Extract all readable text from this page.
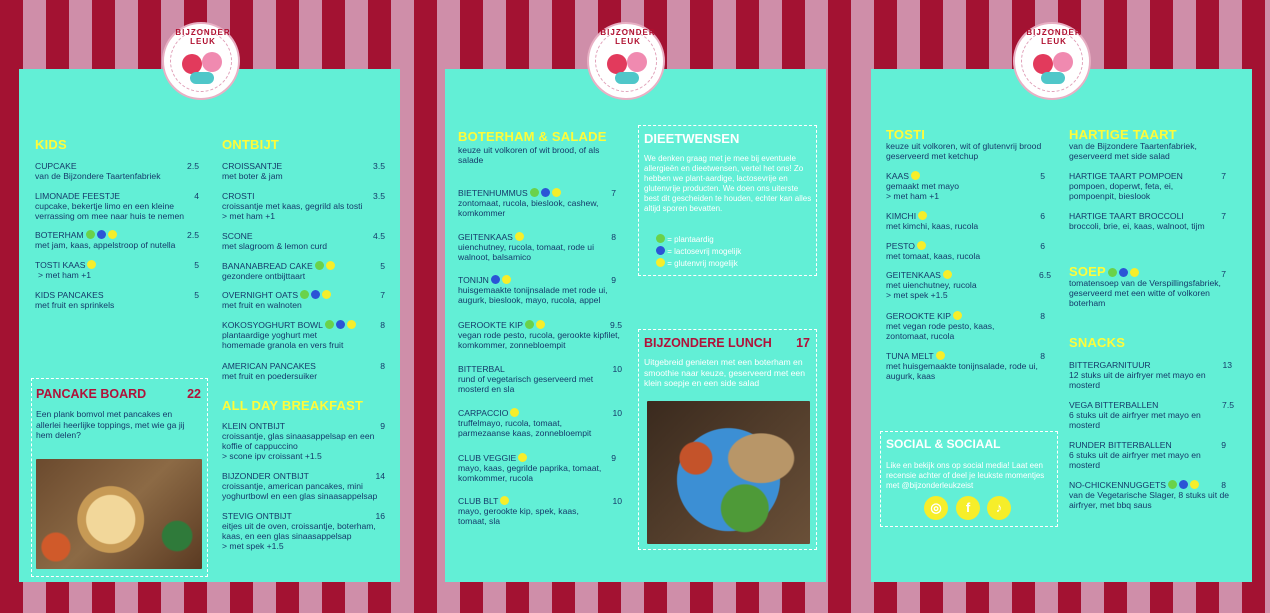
BIJZONDER LEUK
KIDS
CUPCAKE
van de Bijzondere Taartenfabriek
2.5
LIMONADE FEESTJE
cupcake, bekertje limo en een kleine verrassing om mee naar huis te nemen
4
BOTERHAM
met jam, kaas, appelstroop of nutella
2.5
TOSTI KAAS
> met ham +1
5
KIDS PANCAKES
met fruit en sprinkels
5
PANCAKE BOARD	22
Een plank bomvol met pancakes en allerlei heerlijke toppings, met wie ga jij hem delen?
ONTBIJT
CROISSANTJE
met boter & jam
3.5
CROSTI
croissantje met kaas, gegrild als tosti
> met ham +1
3.5
SCONE
met slagroom & lemon curd
4.5
BANANABREAD CAKE
gezondere ontbijttaart
5
OVERNIGHT OATS
met fruit en walnoten
7
KOKOSYOGHURT BOWL
plantaardige yoghurt met homemade granola en vers fruit
8
AMERICAN PANCAKES
met fruit en poedersuiker
8
ALL DAY BREAKFAST
KLEIN ONTBIJT
croissantje, glas sinaasappelsap en een koffie of cappuccino
> scone ipv croissant +1.5
9
BIJZONDER ONTBIJT
croissantje, american pancakes, mini yoghurtbowl en een glas sinaasappelsap
14
STEVIG ONTBIJT
eitjes uit de oven, croissantje, boterham, kaas, en een glas sinaasappelsap
> met spek +1.5
16
BIJZONDER LEUK
BOTERHAM & SALADE
keuze uit volkoren of wit brood, of als salade
BIETENHUMMUS
zontomaat, rucola, bieslook, cashew, komkommer
7
GEITENKAAS
uienchutney, rucola, tomaat, rode ui walnoot, balsamico
8
TONIJN
huisgemaakte tonijnsalade met rode ui, augurk, bieslook, mayo, rucola, appel
9
GEROOKTE KIP
vegan rode pesto, rucola, gerookte kipfilet, komkommer, zonnebloempit
9.5
BITTERBAL
rund of vegetarisch geserveerd met mosterd en sla
10
CARPACCIO
truffelmayo, rucola, tomaat, parmezaanse kaas, zonnebloempit
10
CLUB VEGGIE
mayo, kaas, gegrilde paprika, tomaat, komkommer, rucola
9
CLUB BLT
mayo, gerookte kip, spek, kaas, tomaat, sla
10
DIEETWENSEN
We denken graag met je mee bij eventuele allergieën en dieetwensen, vertel het ons! Zo hebben we plant-aardige, lactosevrije en glutenvrije producten. We doen ons uiterste best dit gescheiden te houden, echter kan alles altijd sporen bevatten.
= plantaardig
= lactosevrij mogelijk
= glutenvrij mogelijk
BIJZONDERE LUNCH 17
Uitgebreid genieten met een boterham en smoothie naar keuze, geserveerd met een klein soepje en een side salad
BIJZONDER LEUK
TOSTI
keuze uit volkoren, wit of glutenvrij brood geserveerd met ketchup
KAAS
gemaakt met mayo
> met ham +1
5
KIMCHI
met kimchi, kaas, rucola
6
PESTO
met tomaat, kaas, rucola
6
GEITENKAAS
met uienchutney, rucola
> met spek +1.5
6.5
GEROOKTE KIP
met vegan rode pesto, kaas, zontomaat, rucola
8
TUNA MELT
met huisgemaakte tonijnsalade, rode ui, augurk, kaas
8
SOCIAL & SOCIAAL
Like en bekijk ons op social media! Laat een recensie achter of deel je leukste momentjes met @bijzonderleukzeist
◎	f	♪
HARTIGE TAART
van de Bijzondere Taartenfabriek, geserveerd met side salad
HARTIGE TAART POMPOEN
pompoen, doperwt, feta, ei, pompoenpit, bieslook
7
HARTIGE TAART BROCCOLI
broccoli, brie, ei, kaas, walnoot, tijm
7
SOEP
tomatensoep van de Verspillingsfabriek, geserveerd met een witte of volkoren boterham
7
SNACKS
BITTERGARNITUUR
12 stuks uit de airfryer met mayo en mosterd
13
VEGA BITTERBALLEN
6 stuks uit de airfryer met mayo en mosterd
7.5
RUNDER BITTERBALLEN
6 stuks uit de airfryer met mayo en mosterd
9
NO-CHICKENNUGGETS
van de Vegetarische Slager, 8 stuks uit de airfryer, met bbq saus
8
